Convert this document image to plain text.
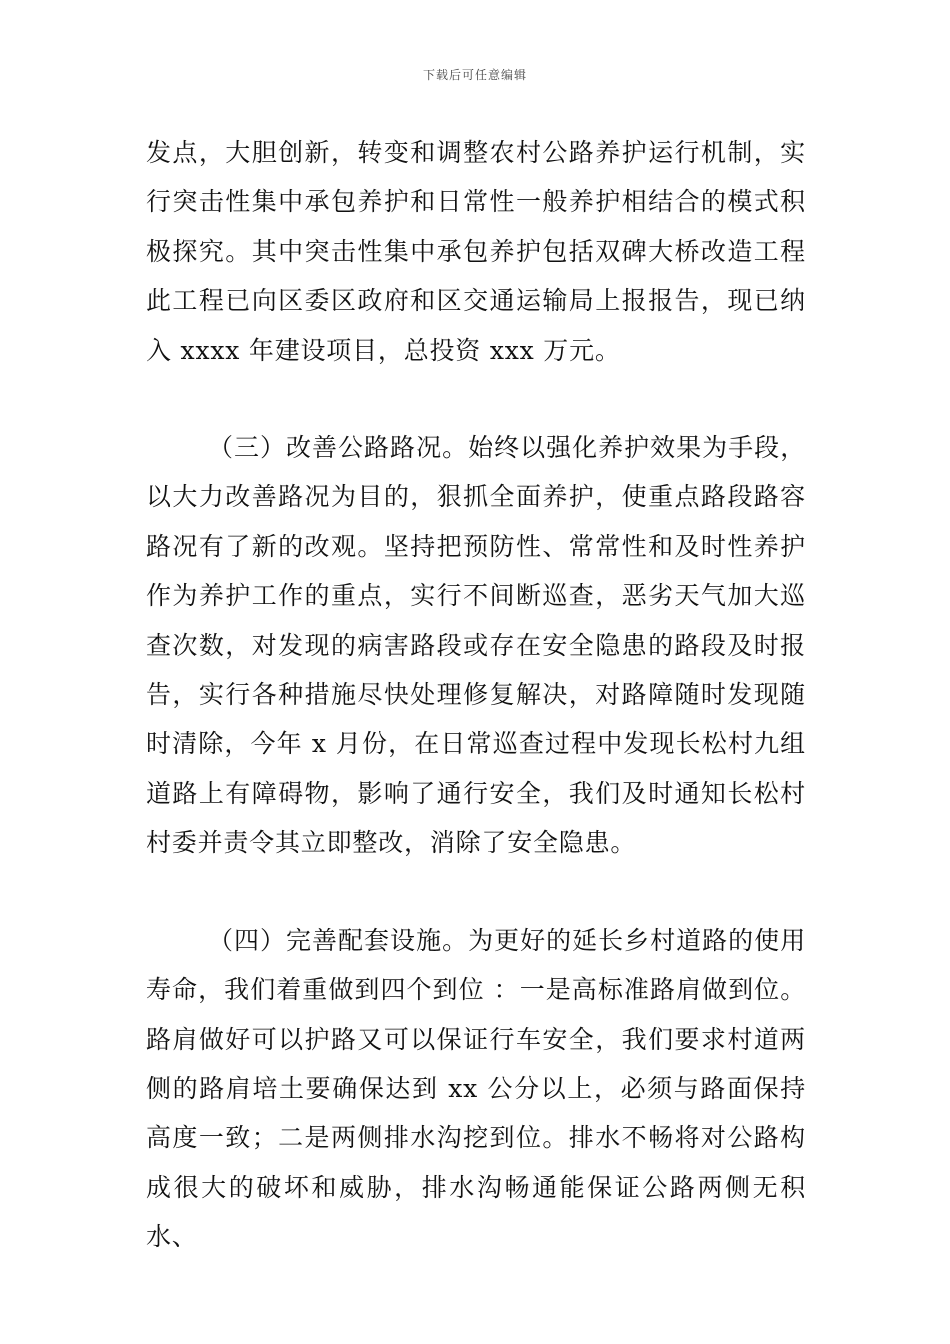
下载后可任意编辑

发点，大胆创新，转变和调整农村公路养护运行机制，实行突击性集中承包养护和日常性一般养护相结合的模式积极探究。其中突击性集中承包养护包括双碑大桥改造工程此工程已向区委区政府和区交通运输局上报报告，现已纳入 xxxx 年建设项目，总投资 xxx 万元。

（三）改善公路路况。始终以强化养护效果为手段，以大力改善路况为目的，狠抓全面养护，使重点路段路容路况有了新的改观。坚持把预防性、常常性和及时性养护作为养护工作的重点，实行不间断巡查，恶劣天气加大巡查次数，对发现的病害路段或存在安全隐患的路段及时报告，实行各种措施尽快处理修复解决，对路障随时发现随时清除，今年 x 月份，在日常巡查过程中发现长松村九组道路上有障碍物，影响了通行安全，我们及时通知长松村村委并责令其立即整改，消除了安全隐患。

（四）完善配套设施。为更好的延长乡村道路的使用寿命，我们着重做到四个到位 ：一是高标准路肩做到位。路肩做好可以护路又可以保证行车安全，我们要求村道两侧的路肩培土要确保达到 xx 公分以上，必须与路面保持高度一致；二是两侧排水沟挖到位。排水不畅将对公路构成很大的破坏和威胁，排水沟畅通能保证公路两侧无积水、
